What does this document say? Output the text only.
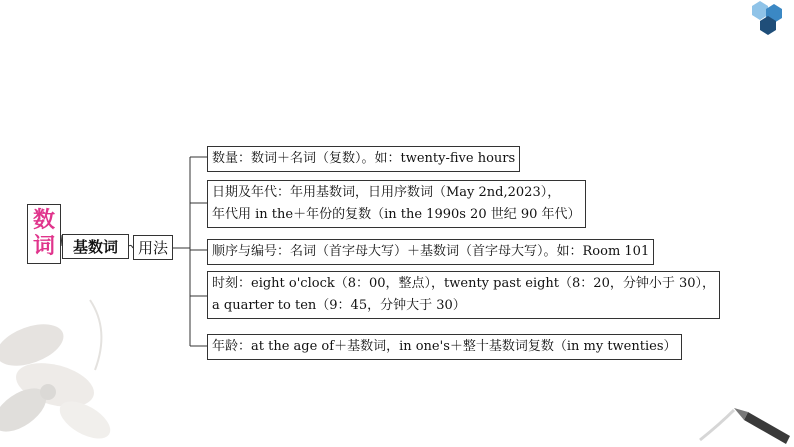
数
词	基数词	用法
数量：数词＋名词（复数）。如：twenty-five hours
日期及年代：年用基数词，日用序数词（May 2nd,2023），
年代用 in the＋年份的复数（in the 1990s 20 世纪 90 年代）
顺序与编号：名词（首字母大写）＋基数词（首字母大写）。如：Room 101
时刻：eight o'clock（8：00，整点），twenty past eight（8：20，分钟小于 30），
a quarter to ten（9：45，分钟大于 30）
年龄：at the age of＋基数词，in one's＋整十基数词复数（in my twenties）
